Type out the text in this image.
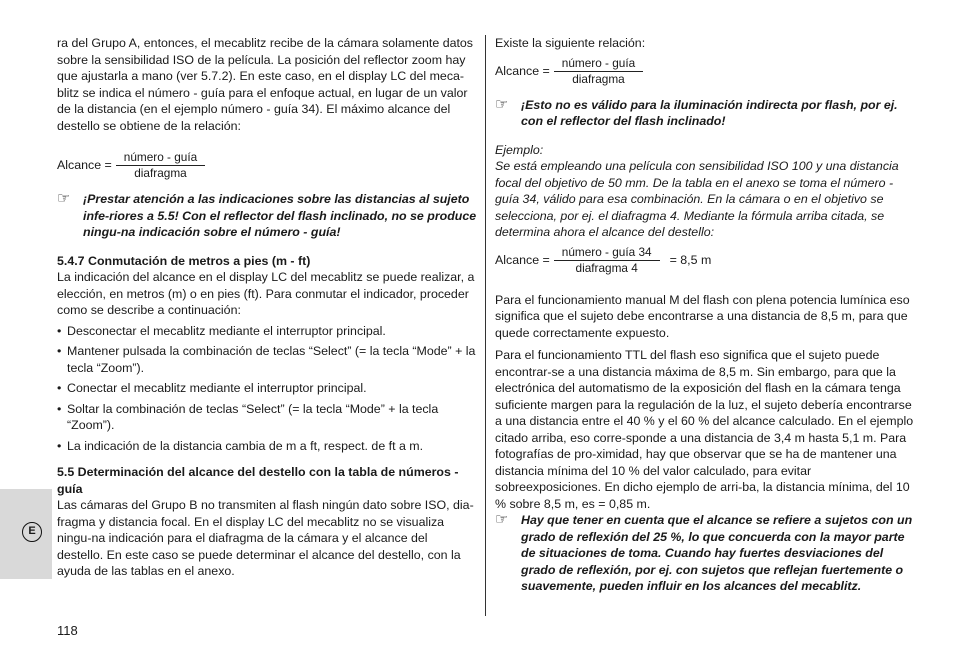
E

ra del Grupo A, entonces, el mecablitz recibe de la cámara solamente datos sobre la sensibilidad ISO de la película. La posición del reflector zoom hay que ajustarla a mano (ver 5.7.2). En este caso, en el display LC del meca-blitz se indica el número - guía para el enfoque actual, en lugar de un valor de la distancia (en el ejemplo número - guía 34). El máximo alcance del destello se obtiene de la relación:

Alcance = $\frac{\text{número - guía}}{\text{diafragma}}$
☞	¡Prestar atención a las indicaciones sobre las distancias al sujeto infe-riores a 5.5! Con el reflector del flash inclinado, no se produce ningu-na indicación sobre el número - guía!

5.4.7 Conmutación de metros a pies (m - ft)

La indicación del alcance en el display LC del mecablitz se puede realizar, a elección, en metros (m) o en pies (ft). Para conmutar el indicador, proceder como se describe a continuación:

• Desconectar el mecablitz mediante el interruptor principal.
• Mantener pulsada la combinación de teclas “Select” (= la tecla “Mode” + la tecla “Zoom”).
• Conectar el mecablitz mediante el interruptor principal.
• Soltar la combinación de teclas “Select” (= la tecla “Mode” + la tecla “Zoom”).
• La indicación de la distancia cambia de m a ft, respect. de ft a m.

5.5 Determinación del alcance del destello con la tabla de números - guía

Las cámaras del Grupo B no transmiten al flash ningún dato sobre ISO, dia-fragma y distancia focal. En el display LC del mecablitz no se visualiza ningu-na indicación para el diafragma de la cámara y el alcance del destello. En este caso se puede determinar el alcance del destello, con la ayuda de las tablas en el anexo.

Existe la siguiente relación:

Alcance = $\frac{\text{número - guía}}{\text{diafragma}}$
☞	¡Esto no es válido para la iluminación indirecta por flash, por ej. con el reflector del flash inclinado!

Ejemplo:

Se está empleando una película con sensibilidad ISO 100 y una distancia focal del objetivo de 50 mm. De la tabla en el anexo se toma el número - guía 34, válido para esa combinación. En la cámara o en el objetivo se selecciona, por ej. el diafragma 4. Mediante la fórmula arriba citada, se determina ahora el alcance del destello:

Alcance = $\frac{\text{número - guía 34}}{\text{diafragma 4}} = 8,5$ m

Para el funcionamiento manual M del flash con plena potencia lumínica eso significa que el sujeto debe encontrarse a una distancia de 8,5 m, para que quede correctamente expuesto.

Para el funcionamiento TTL del flash eso significa que el sujeto puede encontrar-se a una distancia máxima de 8,5 m. Sin embargo, para que la electrónica del automatismo de la exposición del flash en la cámara tenga suficiente margen para la regulación de la luz, el sujeto debería encontrarse a una distancia entre el 40 % y el 60 % del alcance calculado. En el ejemplo citado arriba, eso corre-sponde a una distancia de 3,4 m hasta 5,1 m. Para fotografías de pro-ximidad, hay que observar que se ha de mantener una distancia mínima del 10 % del valor calculado, para evitar sobreexposiciones. En dicho ejemplo de arri-ba, la distancia mínima, del 10 % sobre 8,5 m, es = 0,85 m.

☞	Hay que tener en cuenta que el alcance se refiere a sujetos con un grado de reflexión del 25 %, lo que concuerda con la mayor parte de situaciones de toma. Cuando hay fuertes desviaciones del grado de reflexión, por ej. con sujetos que reflejan fuertemente o suavemente, pueden influir en los alcances del mecablitz.
118
